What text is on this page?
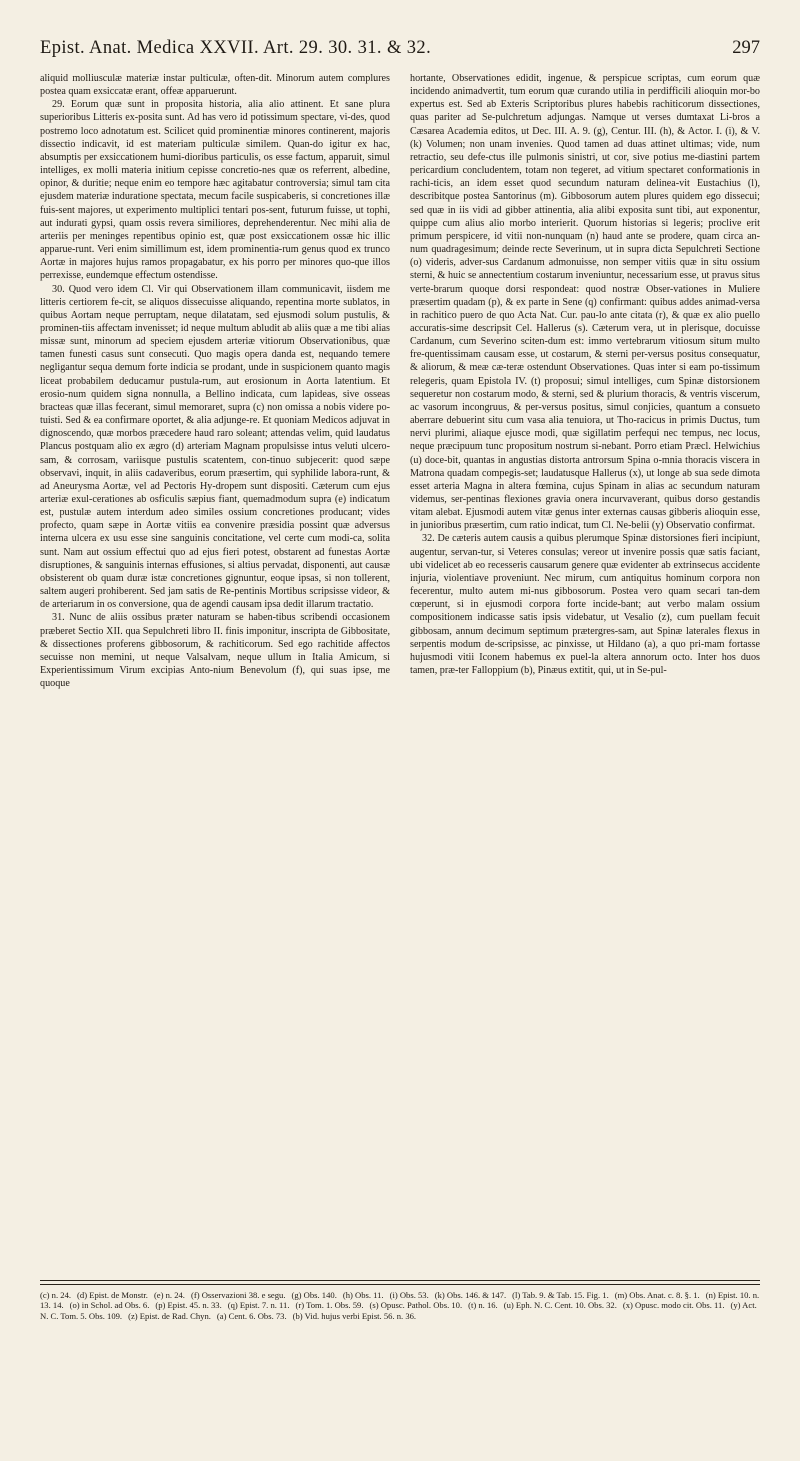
Epist. Anat. Medica XXVII. Art. 29. 30. 31. & 32.	297

aliquid molliusculæ materiæ instar pulticulæ, often-dit. Minorum autem complures postea quam exsiccatæ erant, offeæ apparuerunt.

29. Eorum quæ sunt in proposita historia, alia alio attinent. Et sane plura superioribus Litteris ex-posita sunt. Ad has vero id potissimum spectare, vi-des, quod postremo loco adnotatum est. Scilicet quid prominentiæ minores continerent, majoris dissectio indicavit, id est materiam pulticulæ similem. Quan-do igitur ex hac, absumptis per exsiccationem humi-dioribus particulis, os esse factum, apparuit, simul intelliges, ex molli materia initium cepisse concretio-nes quæ os referrent, albedine, opinor, & duritie; neque enim eo tempore hæc agitabatur controversia; simul tam cita ejusdem materiæ induratione spectata, mecum facile suspicaberis, si concretiones illæ fuis-sent majores, ut experimento multiplici tentari pos-sent, futurum fuisse, ut tophi, aut indurati gypsi, quam ossis revera similiores, deprehenderentur. Nec mihi alia de arteriis per meninges repentibus opinio est, quæ post exsiccationem ossæ hic illic apparue-runt. Veri enim simillimum est, idem prominentia-rum genus quod ex trunco Aortæ in majores hujus ramos propagabatur, ex his porro per minores quo-que illos perrexisse, eundemque effectum ostendisse.

30. Quod vero idem Cl. Vir qui Observationem illam communicavit, iisdem me litteris certiorem fe-cit, se aliquos dissecuisse aliquando, repentina morte sublatos, in quibus Aortam neque perruptam, neque dilatatam, sed ejusmodi solum pustulis, & prominen-tiis affectam invenisset; id neque multum abludit ab aliis quæ a me tibi alias missæ sunt, minorum ad speciem ejusdem arteriæ vitiorum Observationibus, quæ tamen funesti casus sunt consecuti. Quo magis opera danda est, nequando temere negligantur sequa demum forte indicia se prodant, unde in suspicionem quanto magis liceat probabilem deducamur pustula-rum, aut erosionum in Aorta latentium. Et erosio-num quidem signa nonnulla, a Bellino indicata, cum lapideas, sive osseas bracteas quæ illas fecerant, simul memoraret, supra (c) non omissa a nobis videre po-tuisti. Sed & ea confirmare oportet, & alia adjunge-re. Et quoniam Medicos adjuvat in dignoscendo, quæ morbos præcedere haud raro soleant; attendas velim, quid laudatus Plancus postquam alio ex ægro (d) arteriam Magnam propulsisse intus veluti ulcero-sam, & corrosam, variisque pustulis scatentem, con-tinuo subjecerit: quod sæpe observavi, inquit, in aliis cadaveribus, eorum præsertim, qui syphilide labora-runt, & ad Aneurysma Aortæ, vel ad Pectoris Hy-dropem sunt dispositi. Cæterum cum ejus arteriæ exul-cerationes ab osficulis sæpius fiant, quemadmodum supra (e) indicatum est, pustulæ autem interdum adeo similes ossium concretiones producant; vides profecto, quam sæpe in Aortæ vitiis ea convenire præsidia possint quæ adversus interna ulcera ex usu esse sine sanguinis concitatione, vel certe cum modi-ca, solita sunt. Nam aut ossium effectui quo ad ejus fieri potest, obstarent ad funestas Aortæ disruptiones, & sanguinis internas effusiones, si altius pervadat, disponenti, aut causæ obsisterent ob quam duræ istæ concretiones gignuntur, eoque ipsas, si non tollerent, saltem augeri prohiberent. Sed jam satis de Re-pentinis Mortibus scripsisse videor, & de arteriarum in os conversione, qua de agendi causam ipsa dedit illarum tractatio.

31. Nunc de aliis ossibus præter naturam se haben-tibus scribendi occasionem præberet Sectio XII. qua Sepulchreti libro II. finis imponitur, inscripta de Gibbositate, & dissectiones proferens gibbosorum, & rachiticorum. Sed ego rachitide affectos secuisse non memini, ut neque Valsalvam, neque ullum in Italia Amicum, si Experientissimum Virum excipias Anto-nium Benevolum (f), qui suas ipse, me quoque

hortante, Observationes edidit, ingenue, & perspicue scriptas, cum eorum quæ incidendo animadvertit, tum eorum quæ curando utilia in perdifficili alioquin mor-bo expertus est. Sed ab Exteris Scriptoribus plures habebis rachiticorum dissectiones, quas pariter ad Se-pulchretum adjungas. Namque ut verses dumtaxat Li-bros a Cæsarea Academia editos, ut Dec. III. A. 9. (g), Centur. III. (h), & Actor. I. (i), & V. (k) Volumen; non unam invenies. Quod tamen ad duas attinet ultimas; vide, num retractio, seu defe-ctus ille pulmonis sinistri, ut cor, sive potius me-diastini partem pericardium concludentem, totam non tegeret, ad vitium spectaret conformationis in rachi-ticis, an idem esset quod secundum naturam delinea-vit Eustachius (l), describitque postea Santorinus (m). Gibbosorum autem plures quidem ego dissecui; sed quæ in iis vidi ad gibber attinentia, alia alibi exposita sunt tibi, aut exponentur, quippe cum alius alio morbo interierit. Quorum historias si legeris; proclive erit primum perspicere, id vitii non-nunquam (n) haud ante se prodere, quam circa an-num quadragesimum; deinde recte Severinum, ut in supra dicta Sepulchreti Sectione (o) videris, adver-sus Cardanum admonuisse, non semper vitiis quæ in situ ossium sterni, & huic se annectentium costarum inveniuntur, necessarium esse, ut pravus situs verte-brarum quoque dorsi respondeat: quod nostræ Obser-vationes in Muliere præsertim quadam (p), & ex parte in Sene (q) confirmant: quibus addes animad-versa in rachitico puero de quo Acta Nat. Cur. pau-lo ante citata (r), & quæ ex alio puello accuratis-sime descripsit Cel. Hallerus (s). Cæterum vera, ut in plerisque, docuisse Cardanum, cum Severino sciten-dum est: immo vertebrarum vitiosum situm multo fre-quentissimam causam esse, ut costarum, & sterni per-versus positus consequatur, & aliorum, & meæ cæ-teræ ostendunt Observationes. Quas inter si eam po-tissimum relegeris, quam Epistola IV. (t) proposui; simul intelliges, cum Spinæ distorsionem sequeretur non costarum modo, & sterni, sed & plurium thoracis, & ventris viscerum, ac vasorum incongruus, & per-versus positus, simul conjicies, quantum a consueto aberrare debuerint situ cum vasa alia tenuiora, ut Tho-racicus in primis Ductus, tum nervi plurimi, aliaque ejusce modi, quæ sigillatim perfequi nec tempus, nec locus, neque præcipuum tunc propositum nostrum si-nebant. Porro etiam Præcl. Helwichius (u) doce-bit, quantas in angustias distorta antrorsum Spina o-mnia thoracis viscera in Matrona quadam compegis-set; laudatusque Hallerus (x), ut longe ab sua sede dimota esset arteria Magna in altera fœmina, cujus Spinam in alias ac secundum naturam videmus, ser-pentinas flexiones gravia onera incurvaverant, quibus dorso gestandis vitam alebat. Ejusmodi autem vitæ genus inter externas causas gibberis alioquin esse, in junioribus præsertim, cum ratio indicat, tum Cl. Ne-belii (y) Observatio confirmat.

32. De cæteris autem causis a quibus plerumque Spinæ distorsiones fieri incipiunt, augentur, servan-tur, si Veteres consulas; vereor ut invenire possis quæ satis faciant, ubi videlicet ab eo recesseris causarum genere quæ evidenter ab extrinsecus accidente injuria, violentiave proveniunt. Nec mirum, cum antiquitus hominum corpora non fecerentur, multo autem mi-nus gibbosorum. Postea vero quam secari tan-dem cœperunt, si in ejusmodi corpora forte incide-bant; aut verbo malam ossium compositionem indicasse satis ipsis videbatur, ut Vesalio (z), cum puellam fecuit gibbosam, annum decimum septimum prætergres-sam, aut Spinæ laterales flexus in serpentis modum de-scripsisse, ac pinxisse, ut Hildano (a), a quo pri-mam fortasse hujusmodi vitii Iconem habemus ex puel-la altera annorum octo. Inter hos duos tamen, præ-ter Falloppium (b), Pinæus extitit, qui, ut in Se-pul-

(c) n. 24. (d) Epist. de Monstr. (e) n. 24. (f) Osservazioni 38. e segu. (g) Obs. 140. (h) Obs. 11. (i) Obs. 53. (k) Obs. 146. & 147. (l) Tab. 9. & Tab. 15. Fig. 1. (m) Obs. Anat. c. 8. §. 1. (n) Epist. 10. n. 13. 14. (o) in Schol. ad Obs. 6. (p) Epist. 45. n. 33. (q) Epist. 7. n. 11. (r) Tom. 1. Obs. 59. (s) Opusc. Pathol. Obs. 10. (t) n. 16. (u) Eph. N. C. Cent. 10. Obs. 32. (x) Opusc. modo cit. Obs. 11. (y) Act. N. C. Tom. 5. Obs. 109. (z) Epist. de Rad. Chyn. (a) Cent. 6. Obs. 73. (b) Vid. hujus verbi Epist. 56. n. 36.
